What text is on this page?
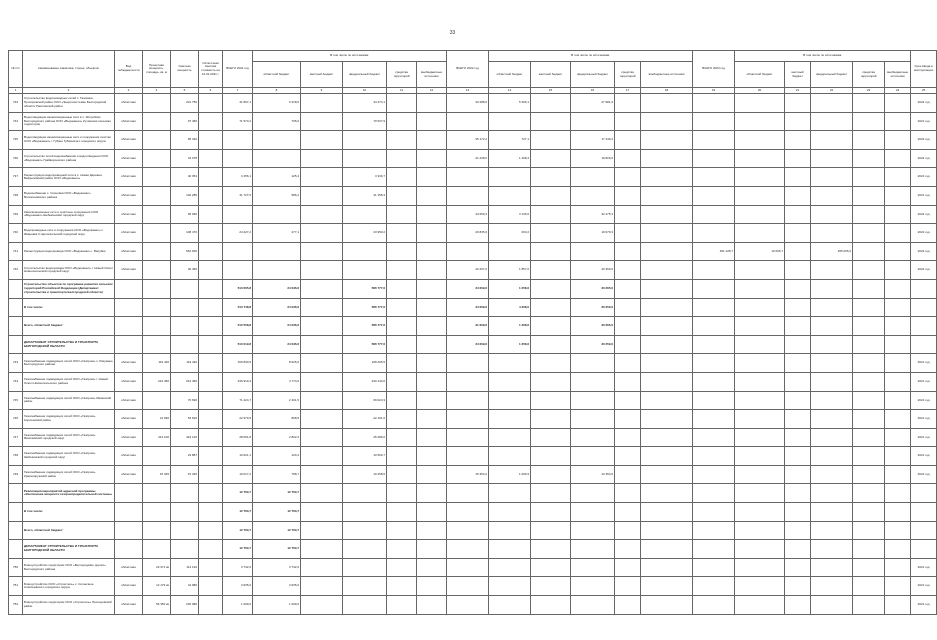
33
№ п/п	Наименование заказчика, строек, объектов	Вид тыбюджетности	Проектная мощность, площадь, кв. м	Сметная мощность	Остаточная сметная стоимость на 01.01.2021 г.	ВСЕГО 2021 год	В том числе по источникам:					ВСЕГО 2022 год	В том числе по источникам:					ВСЕГО 2023 год	В том числе по источникам:					Срок ввода в эксплуатацию
							областной бюджет	местный бюджет	федеральный бюджет	средства территорий	внебюджетные источники		областной бюджет	местный бюджет	федеральный бюджет	средства территорий	внебюджетные источники		областной бюджет	местный бюджет	федеральный бюджет	средства территорий	внебюджетные источники	
1	2	3	4	5	6	7	8	9	10	11	12	13	14	15	16	17	18	19	20	21	22	23	24	25
733	Строительство водопроводных сетей с. Газовики-Прохоровский район ООО «Энергосистема» Белгородской области Ракитянский район	областная		201 750		41 897,1	6 318,5		34 474,1			33 288,0	5 306,1		27 981,9									2022 год
734	Водоотводящие канализационные сети в с. Ястребово Белгородского района ООО «Водоканал» Кучинская сельская территория	областная		97 450		71 573,2	705,0		70 537,9															2021 год
735	Водоотводящие канализационные сети и сооружения очистки ООО «Водоканал» г. Губкин Губкинского городского округа	областная		65 340								35 172,2	727,1		17 449,2									2022 год
736	Строительство сетей водоснабжения и водоотведения ООО «Водоканал» Грайворонского района	областная		44 078								21 238,0	1 408,4		19 829,6									2022 год
737	Реконструкция водопроводной сети в с. Новая Деревня, Вейделевский район ООО «Водоканал»	областная		40 354		3 456,1	125,4		3 330,7															2021 год
738	Водоснабжение с. Сосновка ООО «Водоканал» Волоконовского района	областная		100 280		41 727,5	586,2		41 158,3															2021 год
739	Канализационные сети и очистные сооружения ООО «Водоканал» Шебекинский городской округ	областная		65 060								44 650,3	3 136,0		32 475,3									2022 год
740	Водопроводные сети и сооружения ООО «Водоканал» с. Ивановка Старооскольский городской округ	областная		108 470		24 227,2	277,1		23 950,2			20 835,0	263,2		19 679,3									2022 год
741	Реконструкция водопровода ООО «Водоканал» г. Валуйки	областная		662 000														451 428,7	10 066,7		455 006,0			2023 год
742	Строительство водопровода ООО «Водоканал» г. Новый Оскол Новооскольский городской округ	областная		40 450								42 207,0	1 857,0		40 350,0									2022 год
	Строительство объектов по программе развития сельских территорий Российской Федерации (Департамент строительства и транспорта Белгородской области)					510 605,8	24 036,6		586 777,6			34 609,6	1 258,6		30 265,0									
	В том числе:					510 748,8	24 036,6		586 777,6			34 609,6	4 308,0		30 259,0									
	Всего, областной бюджет:					510 558,8	24 036,6		586 777,6			31 609,6	1 308,6		30 265,0									
	ДЕПАРТАМЕНТ СТРОИТЕЛЬСТВА И ТРАНСПОРТА БЕЛГОРОДСКОЙ ОБЛАСТИ					510 019,8	24 036,6		586 777,6			34 609,6	1 358,6		30 259,0									
743	Газоснабжение подводящих сетей ООО «Газпром» с. Разумное Белгородского района	областная	119 440	119 440		106 830,5	8 625,0		108 205,5															2021 год
744	Газоснабжение подводящих сетей ООО «Газпром» г. Новый Оскол Новооскольского района	областная	244 450	244 450		236 919,3	4 774,6		230 144,6															2021 год
745	Газоснабжение подводящих сетей ООО «Газпром» Ивнянский район	областная		70 690		71 424,7	2 401,5		69 023,3															2021 год
746	Газоснабжение подводящих сетей ООО «Газпром» Корочанский район	областная	21 690	54 520		22 979,5	868,5		22 101,0															2021 год
747	Газоснабжение подводящих сетей ООО «Газпром» Яковлевский городской округ	областная	414 100	424 120		28 091,8	2 802,2		25 289,6															2021 год
748	Газоснабжение подводящих сетей ООО «Газпром» Шебекинский городской округ	областная		23 887		10 621,1	120,4		10 500,7															2021 год
749	Газоснабжение подводящих сетей ООО «Газпром» Краснояружский район	областная	15 345	15 345		10 017,2	758,7		10 258,5			15 354,2	1 096,9		10 354,5									2022 год
	Реализация мероприятий адресной программы «Увеличение мощности газораспределительной системы»					12 760,7	12 760,7																	
	В том числе:					12 760,7	12 760,7																	
	Всего, областной бюджет:					12 760,7	12 760,7																	
	ДЕПАРТАМЕНТ СТРОИТЕЛЬСТВА И ТРАНСПОРТА БЕЛГОРОДСКОЙ ОБЛАСТИ					12 760,7	12 760,7																	
750	Благоустройство территории ООО «Белгородские дороги» Белгородского района	областная	23 371 кв	114 120		3 742,0	3 742,0																	2021 год
751	Благоустройство ООО «Строитель» с. Солнечное Алексеевского городского округа	областная	12 179 кв	44 980		3 635,0	3 635,0																	2021 год
752	Благоустройство территории ООО «Строитель» Прохоровский район	областная	56 350 кв	236 980		1 009,0	1 009,0																	2021 год
